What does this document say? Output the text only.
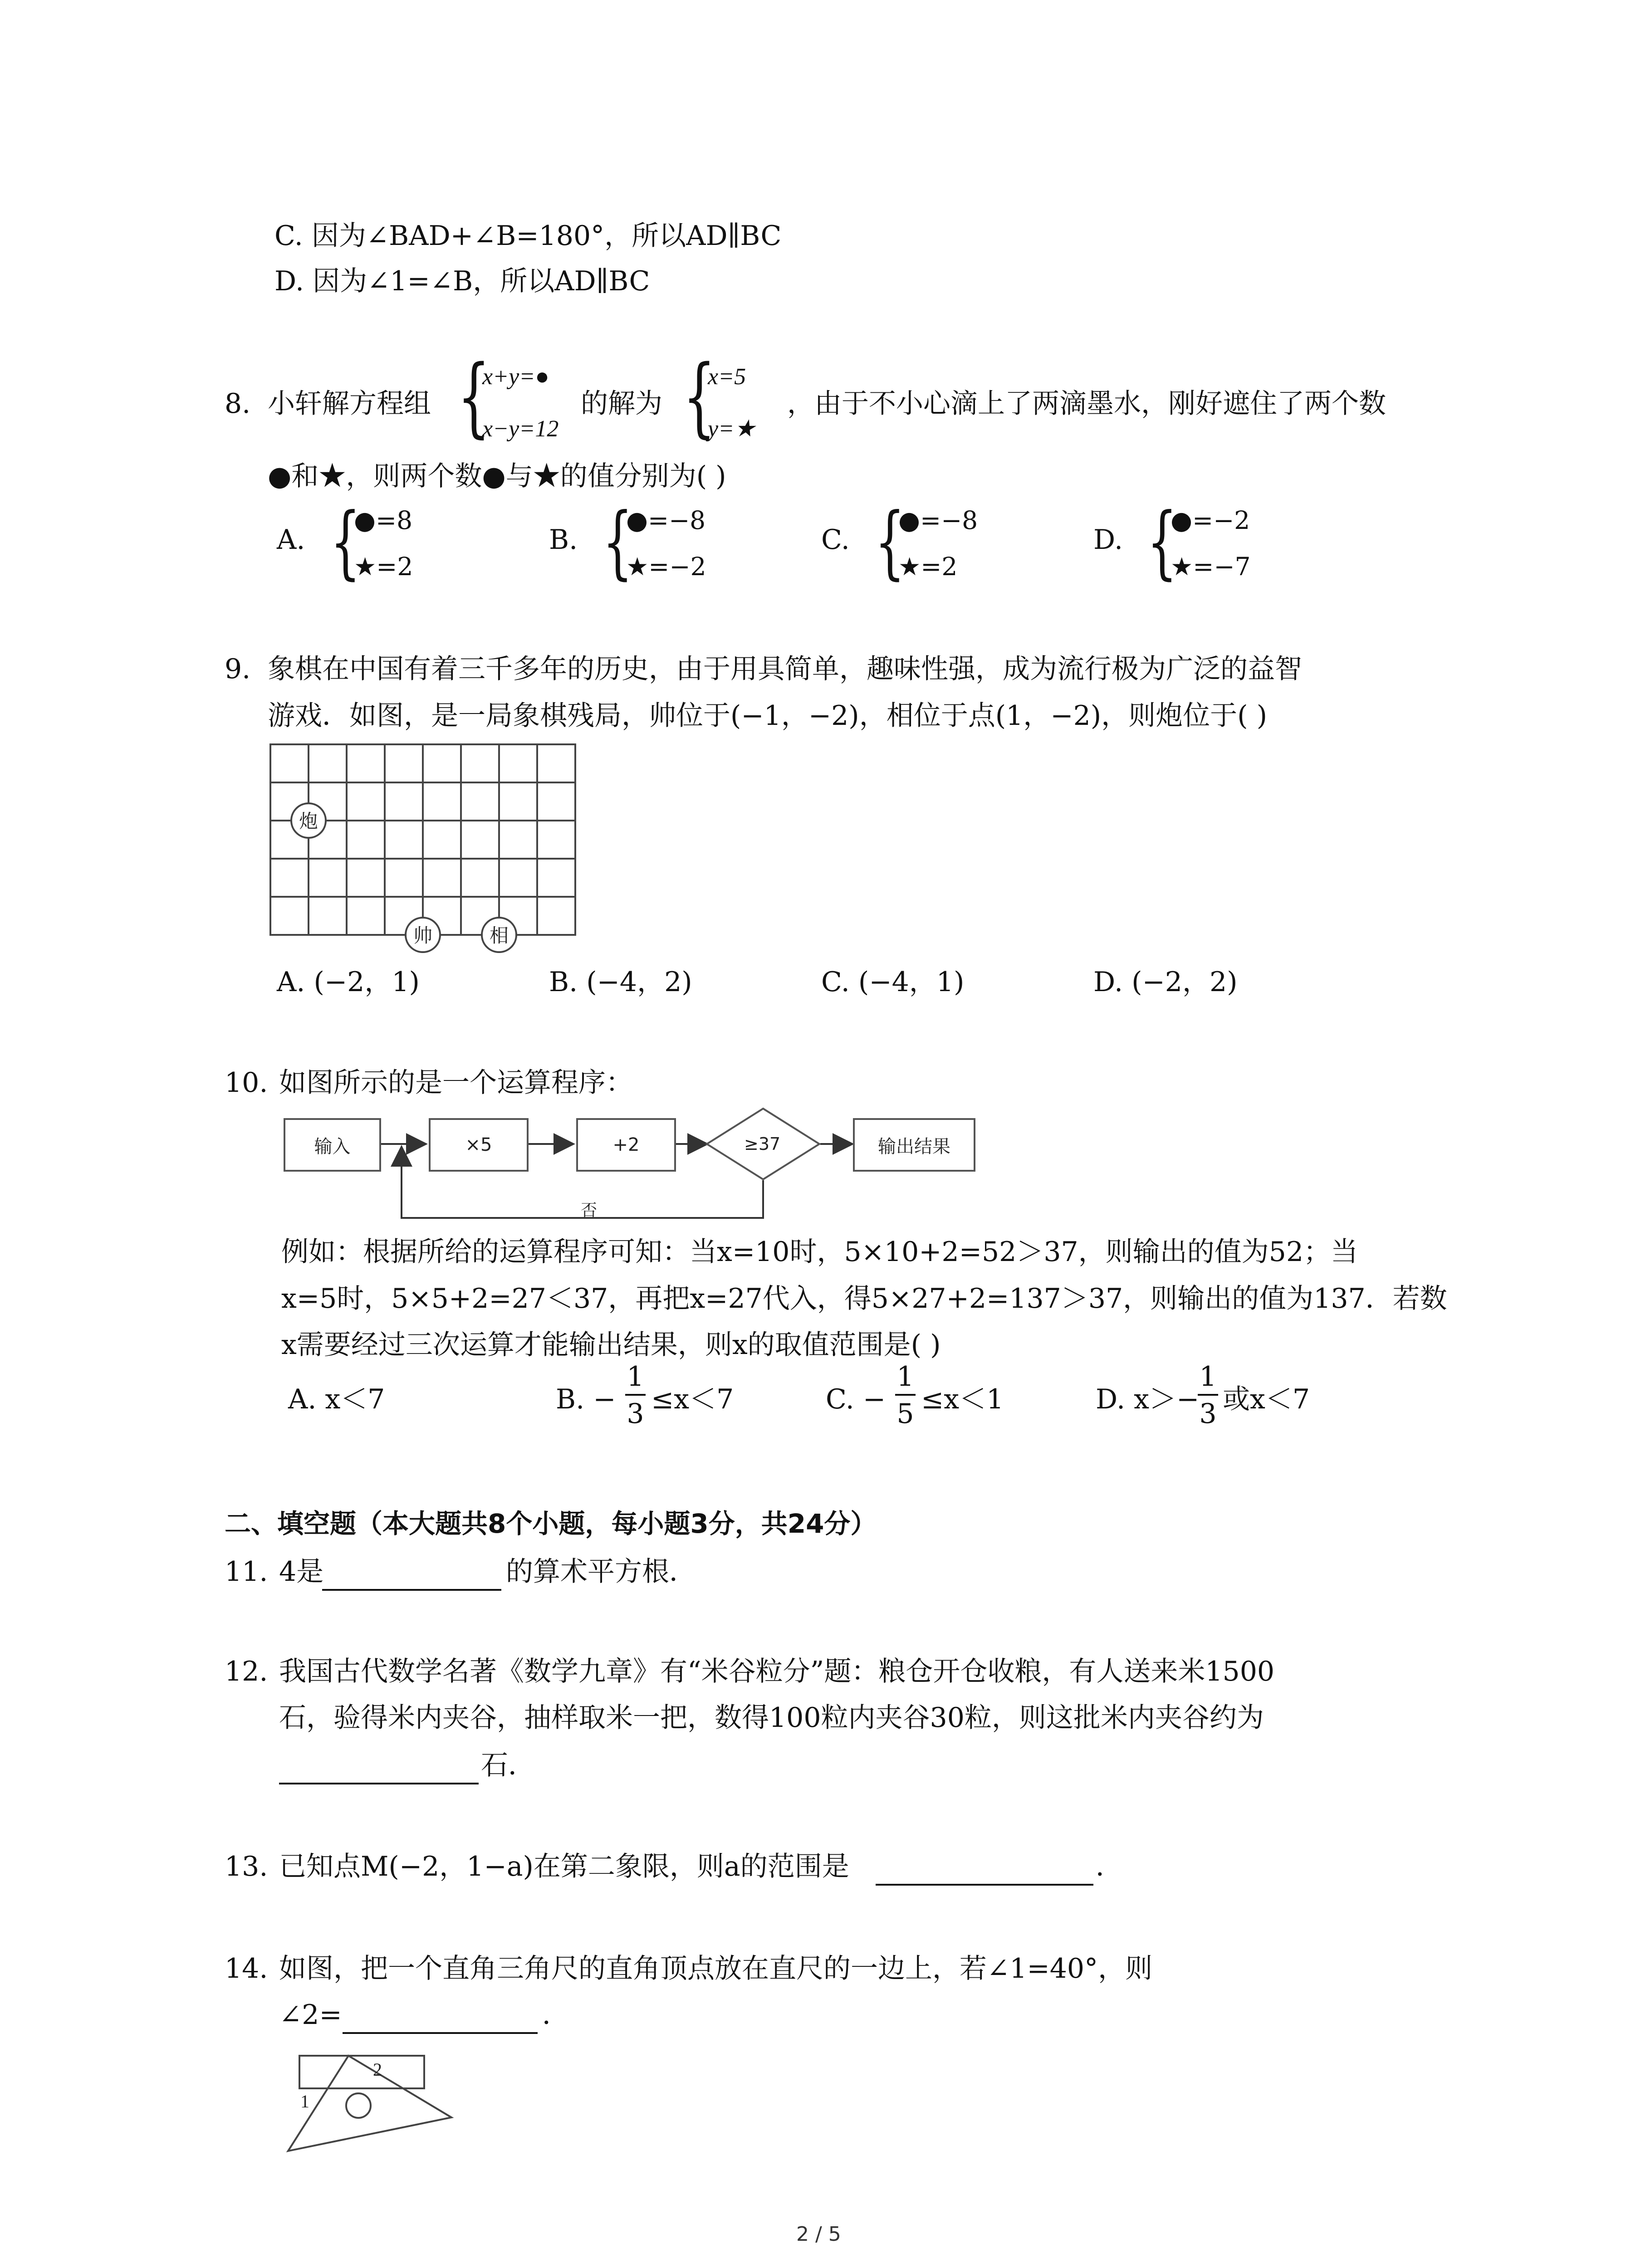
C. 因为∠BAD+∠B=180°，所以AD∥BC
D. 因为∠1=∠B，所以AD∥BC
8. 小轩解方程组 {
x+y=●
x−y=12
的解为 {
x=5
y=★
，由于不小心滴上了两滴墨水，刚好遮住了两个数
●和★，则两个数●与★的值分别为( )
A. {
●=8
★=2
B. {
●=−8
★=−2
C. {
●=−8
★=2
D. {
●=−2
★=−7
9. 象棋在中国有着三千多年的历史，由于用具简单，趣味性强，成为流行极为广泛的益智
游戏．如图，是一局象棋残局，帅位于(−1，−2)，相位于点(1，−2)，则炮位于( )
炮
帅	相
A. (−2，1)	B. (−4，2)	C. (−4，1)	D. (−2，2)
10. 如图所示的是一个运算程序：
输入	×5	+2	≥37	输出结果
否
例如：根据所给的运算程序可知：当x=10时，5×10+2=52＞37，则输出的值为52；当
x=5时，5×5+2=27＜37，再把x=27代入，得5×27+2=137＞37，则输出的值为137．若数
x需要经过三次运算才能输出结果，则x的取值范围是( )
A. x＜7	B. −
1
3 ≤x＜7	C. −
1
5 ≤x＜1	D. x＞−
1
3 或x＜7
二、填空题（本大题共8个小题，每小题3分，共24分）
11. 4是	的算术平方根．
12. 我国古代数学名著《数学九章》有“米谷粒分”题：粮仓开仓收粮，有人送来米1500
石，验得米内夹谷，抽样取米一把，数得100粒内夹谷30粒，则这批米内夹谷约为
石．
13. 已知点M(−2，1−a)在第二象限，则a的范围是	．
14. 如图，把一个直角三角尺的直角顶点放在直尺的一边上，若∠1=40°，则
∠2=	．
2
1
2 / 5
